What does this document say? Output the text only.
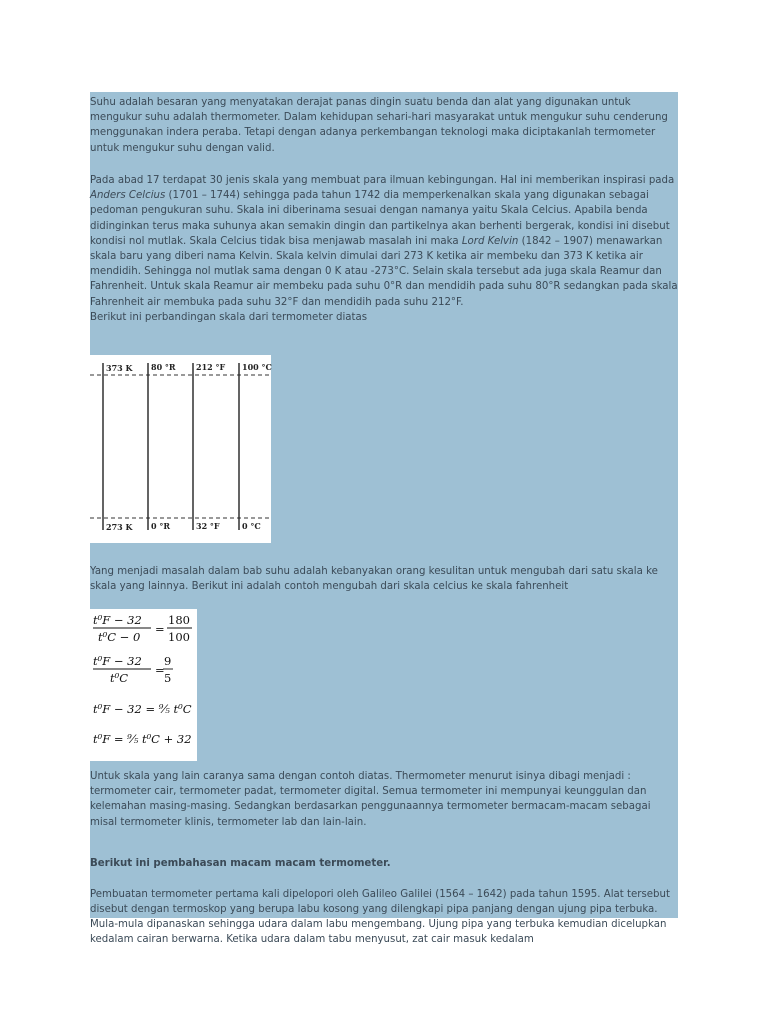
Suhu adalah besaran yang menyatakan derajat panas dingin suatu benda dan alat yang digunakan untuk mengukur suhu adalah thermometer. Dalam kehidupan sehari-hari masyarakat untuk mengukur suhu cenderung menggunakan indera peraba. Tetapi dengan adanya perkembangan teknologi maka diciptakanlah termometer untuk mengukur suhu dengan valid.

Pada abad 17 terdapat 30 jenis skala yang membuat para ilmuan kebingungan. Hal ini memberikan inspirasi pada Anders Celcius (1701 – 1744) sehingga pada tahun 1742 dia memperkenalkan skala yang digunakan sebagai pedoman pengukuran suhu. Skala ini diberinama sesuai dengan namanya yaitu Skala Celcius. Apabila benda didinginkan terus maka suhunya akan semakin dingin dan partikelnya akan berhenti bergerak, kondisi ini disebut kondisi nol mutlak. Skala Celcius tidak bisa menjawab masalah ini maka Lord Kelvin (1842 – 1907) menawarkan skala baru yang diberi nama Kelvin. Skala kelvin dimulai dari 273 K ketika air membeku dan 373 K ketika air mendidih. Sehingga nol mutlak sama dengan 0 K atau -273°C. Selain skala tersebut ada juga skala Reamur dan Fahrenheit. Untuk skala Reamur air membeku pada suhu 0°R dan mendidih pada suhu 80°R sedangkan pada skala Fahrenheit air membuka pada suhu 32°F dan mendidih pada suhu 212°F.
Berikut ini perbandingan skala dari termometer diatas

373 K 80 °R	212 °F 100 °C
273 K 0 °R	32 °F	0 °C

Yang menjadi masalah dalam bab suhu adalah kebanyakan orang kesulitan untuk mengubah dari satu skala ke skala yang lainnya. Berikut ini adalah contoh mengubah dari skala celcius ke skala fahrenheit

t⁰F − 32
t⁰C − 0
=
180
100
t⁰F − 32
t⁰C
=
9
5
t⁰F − 32 = ⁹⁄₅ t⁰C
t⁰F = ⁹⁄₅ t⁰C + 32

Untuk skala yang lain caranya sama dengan contoh diatas. Thermometer menurut isinya dibagi menjadi : termometer cair, termometer padat, termometer digital. Semua termometer ini mempunyai keunggulan dan kelemahan masing-masing. Sedangkan berdasarkan penggunaannya termometer bermacam-macam sebagai misal termometer klinis, termometer lab dan lain-lain.

Berikut ini pembahasan macam macam termometer.

Pembuatan termometer pertama kali dipelopori oleh Galileo Galilei (1564 – 1642) pada tahun 1595. Alat tersebut disebut dengan termoskop yang berupa labu kosong yang dilengkapi pipa panjang dengan ujung pipa terbuka. Mula-mula dipanaskan sehingga udara dalam labu mengembang. Ujung pipa yang terbuka kemudian dicelupkan kedalam cairan berwarna. Ketika udara dalam tabu menyusut, zat cair masuk kedalam
